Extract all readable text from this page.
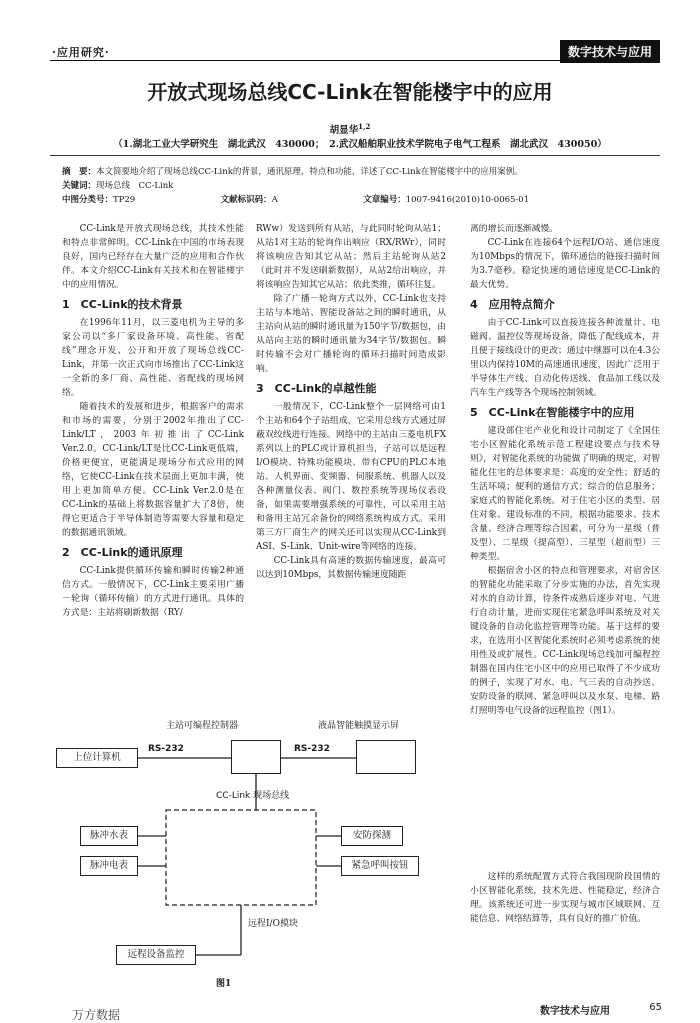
·应用研究·	数字技术与应用
开放式现场总线CC-Link在智能楼宇中的应用
胡显华$^{1,2}$
（1.湖北工业大学研究生　湖北武汉　430000；　2.武汉船舶职业技术学院电子电气工程系　湖北武汉　430050）
摘　要：本文简要地介绍了现场总线CC-Link的背景，通讯原理，特点和功能，详述了CC-Link在智能楼宇中的应用案例。
关键词：现场总线　CC-Link
中图分类号：TP29	文献标识码：A	文章编号：1007-9416(2010)10-0065-01

CC-Link是开放式现场总线，其技术性能和特点非常鲜明。CC-Link在中国的市场表现良好，国内已经存在大量广泛的应用和合作伙伴。本文介绍CC-Link有关技术和在智能楼宇中的应用情况。

1　CC-Link的技术背景

在1996年11月，以三菱电机为主导的多家公司以“多厂家设备环境、高性能、省配线”理念开发、公开和开放了现场总线CC-Link，并第一次正式向市场推出了CC-Link这一全新的多厂商、高性能、省配线的现场网络。

随着技术的发展和进步，根据客户的需求和市场的需要，分别于2002年推出了CC-Link/LT，2003年初推出了CC-Link Ver.2.0。CC-Link/LT是比CC-Link更低端，价格更便宜，更能满足现场分布式应用的网络，它使CC-Link在技术层面上更加丰满，使用上更加简单方便。CC-Link Ver.2.0是在CC-Link的基础上将数据容量扩大了8倍，使得它更适合于半导体制造等需要大容量和稳定的数据通讯领域。

2　CC-Link的通讯原理

CC-Link提供循环传输和瞬时传输2种通信方式。一般情况下，CC-Link主要采用广播－轮询（循环传输）的方式进行通讯。具体的方式是：主站将刷新数据（RY/

RWw）发送到所有从站，与此同时轮询从站1；从站1对主站的轮询作出响应（RX/RWr），同时将该响应告知其它从站；然后主站轮询从站2（此时并不发送刷新数据），从站2给出响应，并将该响应告知其它从站；依此类推，循环往复。

除了广播－轮询方式以外，CC-Link也支持主站与本地站、智能设备站之间的瞬时通讯，从主站向从站的瞬时通讯量为150字节/数据包，由从站向主站的瞬时通讯量为34字节/数据包。瞬时传输不会对广播轮询的循环扫描时间造成影响。

3　CC-Link的卓越性能

一般情况下，CC-Link整个一层网络可由1个主站和64个子站组成，它采用总线方式通过屏蔽双绞线进行连接。网络中的主站由三菱电机FX系列以上的PLC或计算机担当，子站可以是远程I/O模块、特殊功能模块、带有CPU的PLC本地站、人机界面、变频器、伺服系统、机器人以及各种测量仪表、阀门、数控系统等现场仪表设备，如果需要增强系统的可靠性，可以采用主站和备用主站冗余备份的网络系统构成方式。采用第三方厂商生产的网关还可以实现从CC-Link到ASI、S-Link、Unit-wire等网络的连接。

CC-Link具有高速的数据传输速度，最高可以达到10Mbps，其数据传输速度随距

离的增长而逐渐减慢。

CC-Link在连接64个远程I/O站、通信速度为10Mbps的情况下，循环通信的链接扫描时间为3.7毫秒。稳定快速的通信速度是CC-Link的最大优势。

4　应用特点简介

由于CC-Link可以直接连接各种流量计、电磁阀、温控仪等现场设备，降低了配线成本，并且便于接线设计的更改；通过中继器可以在4.3公里以内保持10M的高速通讯速度，因此广泛用于半导体生产线、自动化传送线、食品加工线以及汽车生产线等各个现场控制领域。

5　CC-Link在智能楼宇中的应用

建设部住宅产业化和设计司制定了《全国住宅小区智能化系统示范工程建设要点与技术导则》，对智能化系统的功能做了明确的规定，对智能化住宅的总体要求是：高度的安全性；舒适的生活环境；便利的通信方式；综合的信息服务；家庭式的智能化系统。对于住宅小区的类型、居住对象、建设标准的不同，根据功能要求、技术含量、经济合理等综合因素，可分为一星级（普及型）、二星级（提高型）、三星型（超前型）三种类型。

根据宿舍小区的特点和管理要求，对宿舍区的智能化功能采取了分步实施的办法，首先实现对水的自动计算，待条件成熟后逐步对电、气进行自动计量，进而实现住宅紧急呼叫系统及对关键设备的自动化监控管理等功能。基于这样的要求，在选用小区智能化系统时必须考虑系统的使用性及或扩展性。CC-Link现场总线加可编程控制器在国内住宅小区中的应用已取得了不少成功的例子，实现了对水、电、气三表的自动抄送、安防设备的联网、紧急呼叫以及水泵、电梯、路灯照明等电气设备的远程监控（图1）。

这样的系统配置方式符合我国现阶段国情的小区智能化系统，技术先进、性能稳定，经济合理。该系统还可进一步实现与城市区域联网、互能信息、网络结算等，具有良好的推广价值。

主站可编程控制器	液晶智能触摸显示屏
上位计算机
RS-232	RS-232
CC-Link 现场总线
脉冲水表
脉冲电表
安防探测
紧急呼叫按钮
远程I/O模块
远程设备监控
图1
数字技术与应用	65
万方数据
